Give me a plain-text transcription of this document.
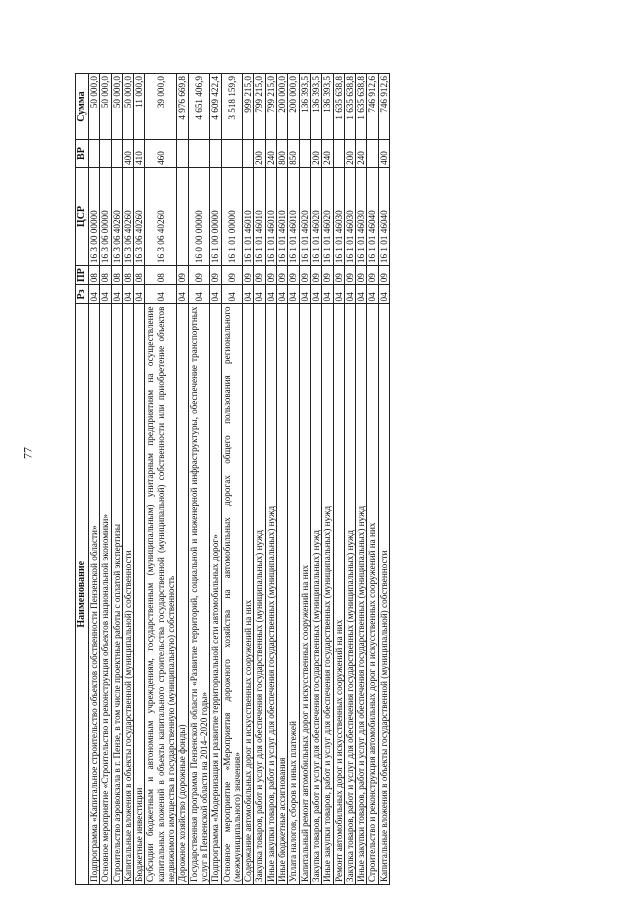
77
Наименование	Рз	ПР	ЦСР	ВР	Сумма
Подпрограмма «Капитальное строительство объектов собственности Пензенской области»	04	08	16 3 00 00000		50 000,0
Основное мероприятие «Строительство и реконструкция объектов национальной экономики»	04	08	16 3 06 00000		50 000,0
Строительство аэровокзала в г. Пензе, в том числе проектные работы с оплатой экспертизы	04	08	16 3 06 40260		50 000,0
Капитальные вложения в объекты государственной (муниципальной) собственности	04	08	16 3 06 40260	400	50 000,0
Бюджетные инвестиции	04	08	16 3 06 40260	410	11 000,0
Субсидии бюджетным и автономным учреждениям, государственным (муниципальным) унитарным предприятиям на осуществление капитальных вложений в объекты капитального строительства государственной (муниципальной) собственности или приобретение объектов недвижимого имущества в государственную (муниципальную) собственность	04	08	16 3 06 40260	460	39 000,0
Дорожное хозяйство (дорожные фонды)	04	09			4 976 669,8
Государственная программа Пензенской области «Развитие территорий, социальной и инженерной инфраструктуры, обеспечение транспортных услуг в Пензенской области на 2014–2020 годы»	04	09	16 0 00 00000		4 651 406,9
Подпрограмма «Модернизация и развитие территориальной сети автомобильных дорог»	04	09	16 1 00 00000		4 609 422,4
Основное мероприятие «Мероприятия дорожного хозяйства на автомобильных дорогах общего пользования регионального (межмуниципального) значения»	04	09	16 1 01 00000		3 518 159,9
Содержание автомобильных дорог и искусственных сооружений на них	04	09	16 1 01 46010		999 215,0
Закупка товаров, работ и услуг для обеспечения государственных (муниципальных) нужд	04	09	16 1 01 46010	200	799 215,0
Иные закупки товаров, работ и услуг для обеспечения государственных (муниципальных) нужд	04	09	16 1 01 46010	240	799 215,0
Иные бюджетные ассигнования	04	09	16 1 01 46010	800	200 000,0
Уплата налогов, сборов и иных платежей	04	09	16 1 01 46010	850	200 000,0
Капитальный ремонт автомобильных дорог и искусственных сооружений на них	04	09	16 1 01 46020		136 393,5
Закупка товаров, работ и услуг для обеспечения государственных (муниципальных) нужд	04	09	16 1 01 46020	200	136 393,5
Иные закупки товаров, работ и услуг для обеспечения государственных (муниципальных) нужд	04	09	16 1 01 46020	240	136 393,5
Ремонт автомобильных дорог и искусственных сооружений на них	04	09	16 1 01 46030		1 635 638,8
Закупка товаров, работ и услуг для обеспечения государственных (муниципальных) нужд	04	09	16 1 01 46030	200	1 635 638,8
Иные закупки товаров, работ и услуг для обеспечения государственных (муниципальных) нужд	04	09	16 1 01 46030	240	1 635 638,8
Строительство и реконструкция автомобильных дорог и искусственных сооружений на них	04	09	16 1 01 46040		746 912,6
Капитальные вложения в объекты государственной (муниципальной) собственности	04	09	16 1 01 46040	400	746 912,6
